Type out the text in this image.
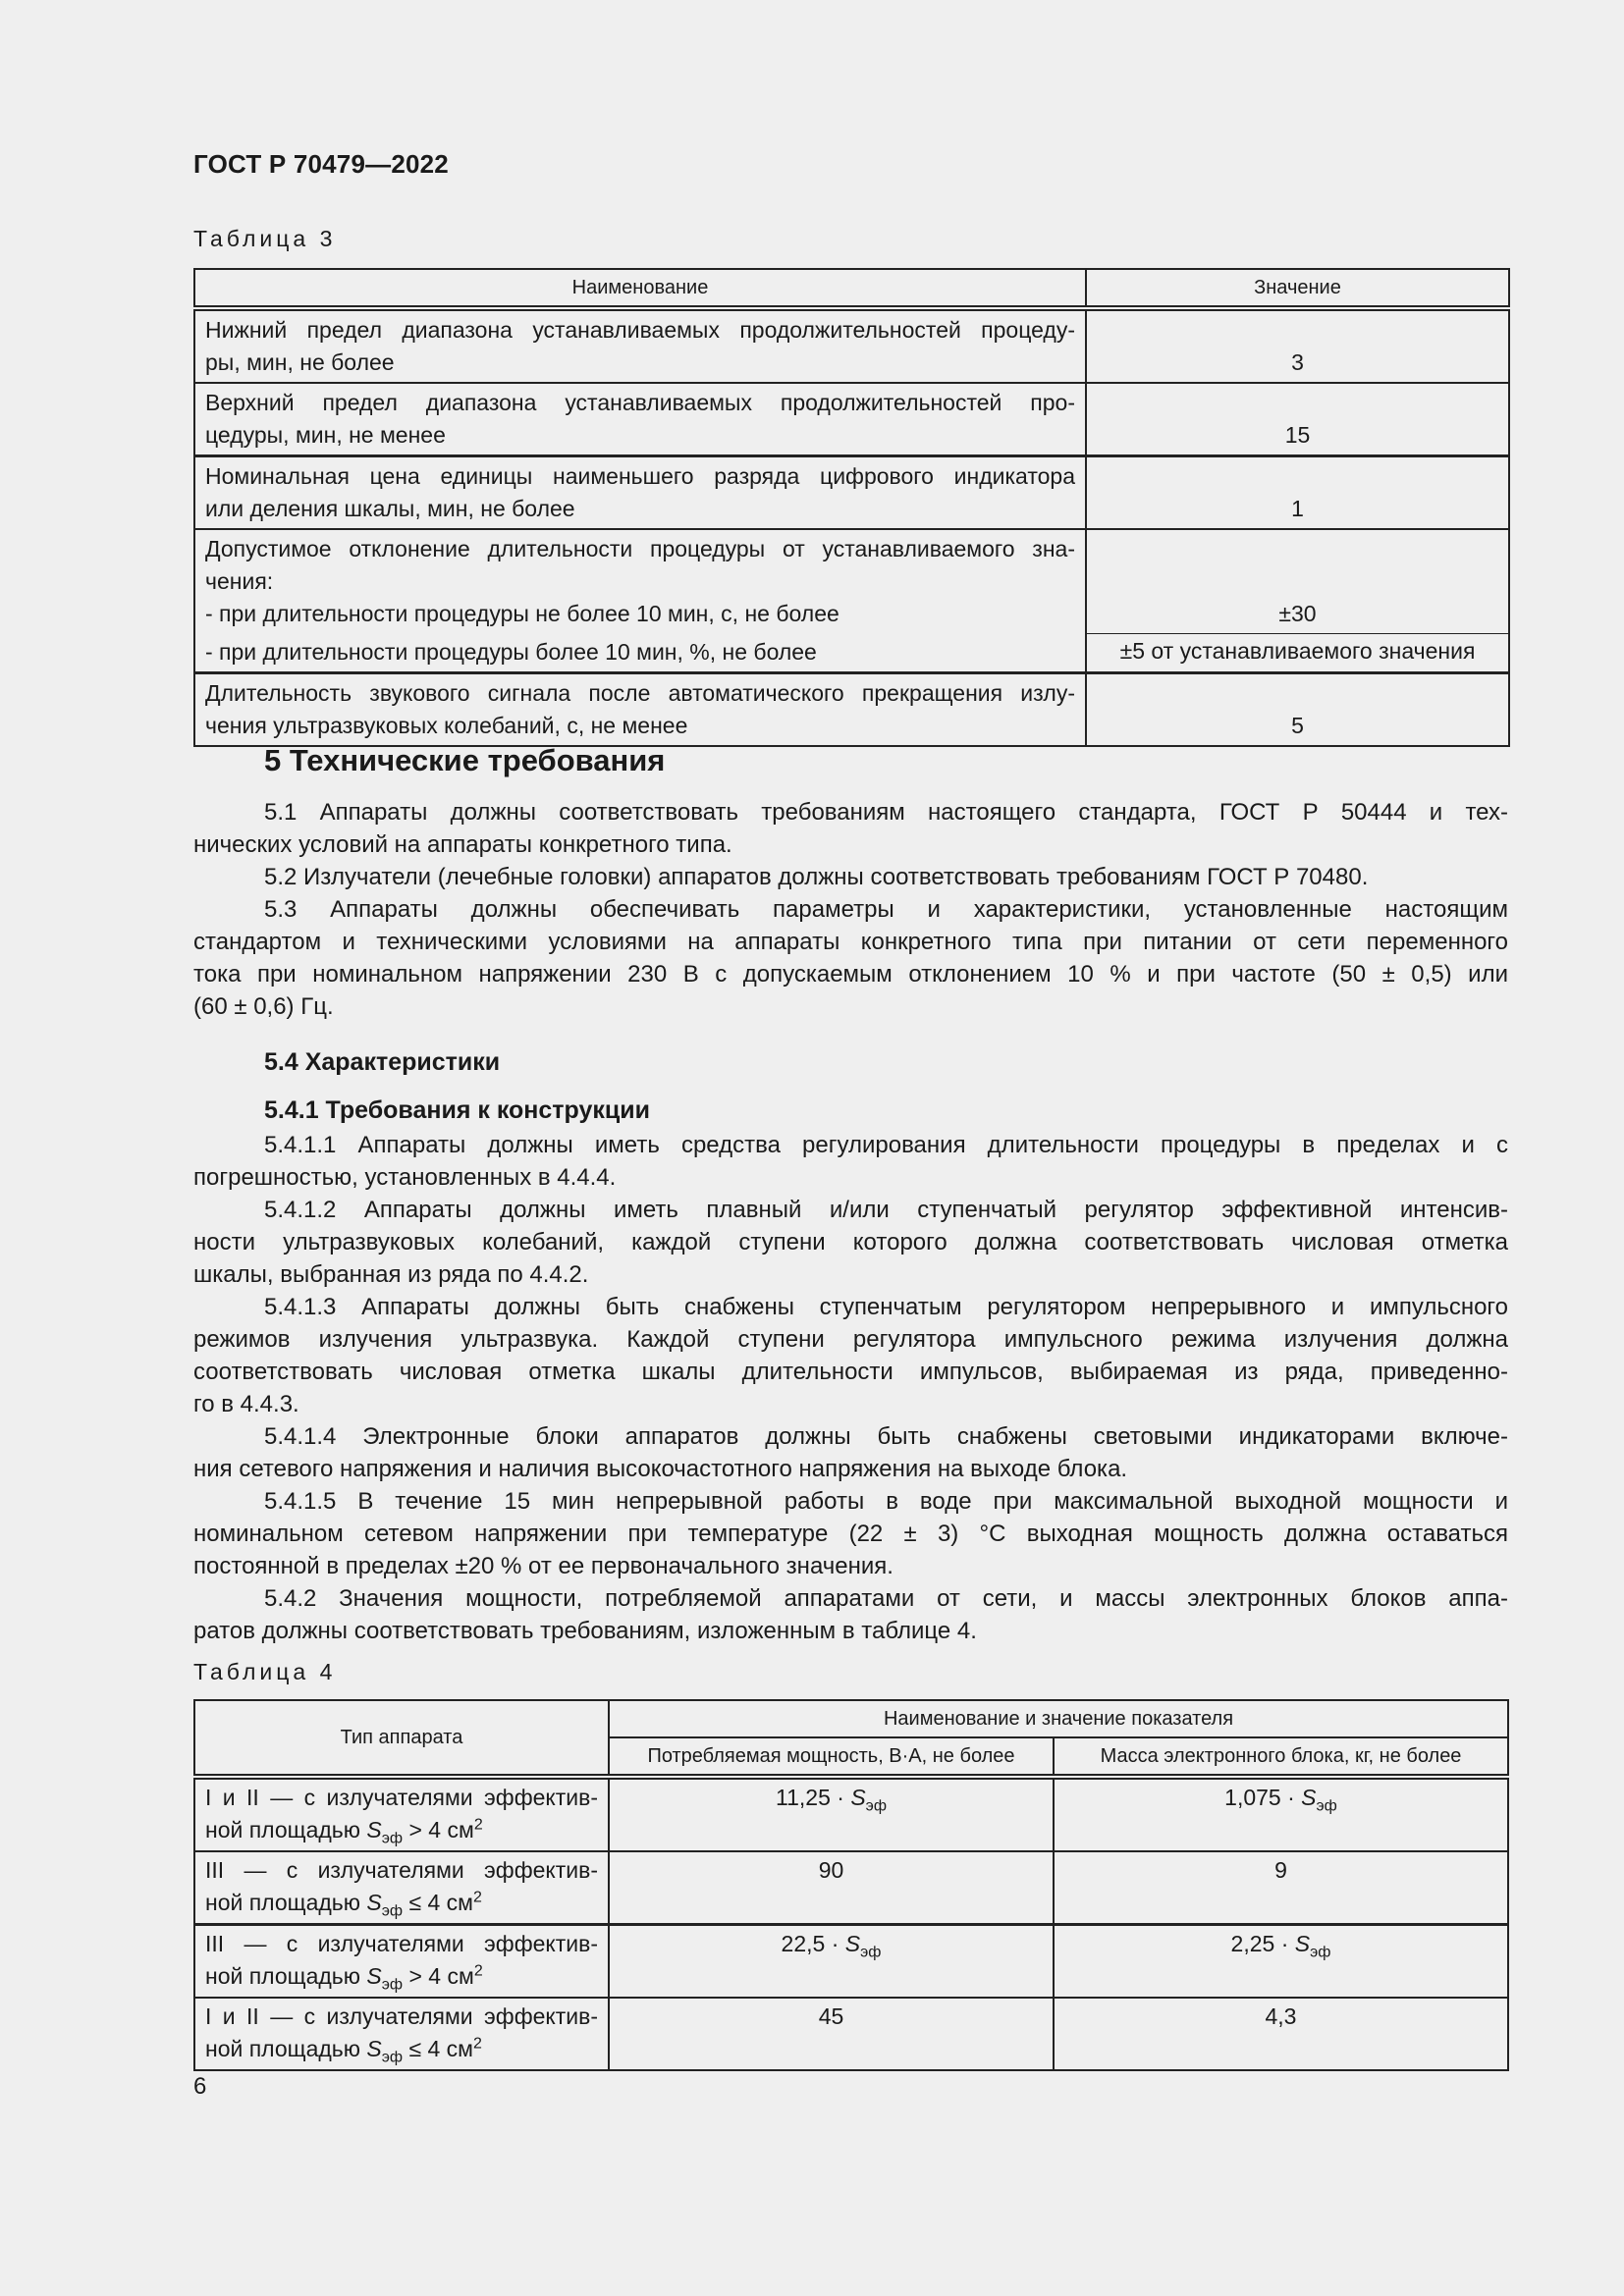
ГОСТ Р 70479—2022
Таблица 3
Наименование	Значение

Нижний предел диапазона устанавливаемых продолжительностей процеду-
ры, мин, не более	3

Верхний предел диапазона устанавливаемых продолжительностей про-
цедуры, мин, не менее	15

Номинальная цена единицы наименьшего разряда цифрового индикатора
или деления шкалы, мин, не более	1

Допустимое отклонение длительности процедуры от устанавливаемого зна-
чения:
- при длительности процедуры не более 10 мин, с, не более	±30

- при длительности процедуры более 10 мин, %, не более	±5 от устанавливаемого значения

Длительность звукового сигнала после автоматического прекращения излу-
чения ультразвуковых колебаний, с, не менее	5
5 Технические требования
5.1 Аппараты должны соответствовать требованиям настоящего стандарта, ГОСТ Р 50444 и тех-
нических условий на аппараты конкретного типа.
5.2 Излучатели (лечебные головки) аппаратов должны соответствовать требованиям ГОСТ Р 70480.
5.3 Аппараты должны обеспечивать параметры и характеристики, установленные настоящим
стандартом и техническими условиями на аппараты конкретного типа при питании от сети переменного
тока при номинальном напряжении 230 В с допускаемым отклонением 10 % и при частоте (50 ± 0,5) или
(60 ± 0,6) Гц.
5.4 Характеристики
5.4.1 Требования к конструкции
5.4.1.1 Аппараты должны иметь средства регулирования длительности процедуры в пределах и с
погрешностью, установленных в 4.4.4.
5.4.1.2 Аппараты должны иметь плавный и/или ступенчатый регулятор эффективной интенсив-
ности ультразвуковых колебаний, каждой ступени которого должна соответствовать числовая отметка
шкалы, выбранная из ряда по 4.4.2.
5.4.1.3 Аппараты должны быть снабжены ступенчатым регулятором непрерывного и импульсного
режимов излучения ультразвука. Каждой ступени регулятора импульсного режима излучения должна
соответствовать числовая отметка шкалы длительности импульсов, выбираемая из ряда, приведенно-
го в 4.4.3.
5.4.1.4 Электронные блоки аппаратов должны быть снабжены световыми индикаторами включе-
ния сетевого напряжения и наличия высокочастотного напряжения на выходе блока.
5.4.1.5 В течение 15 мин непрерывной работы в воде при максимальной выходной мощности и
номинальном сетевом напряжении при температуре (22 ± 3) °С выходная мощность должна оставаться
постоянной в пределах ±20 % от ее первоначального значения.
5.4.2 Значения мощности, потребляемой аппаратами от сети, и массы электронных блоков аппа-
ратов должны соответствовать требованиям, изложенным в таблице 4.
Таблица 4
Тип аппарата	Наименование и значение показателя	
	Потребляемая мощность, В·А, не более	Масса электронного блока, кг, не более

I и II — с излучателями эффектив-
ной площадью $S_{эф} > 4$ $см^2$	$11,25 \cdot S_{эф}$	$1,075 \cdot S_{эф}$

III — с излучателями эффектив-
ной площадью $S_{эф} \le 4$ $см^2$	90	9

III — с излучателями эффектив-
ной площадью $S_{эф} > 4$ $см^2$	$22,5 \cdot S_{эф}$	$2,25 \cdot S_{эф}$

I и II — с излучателями эффектив-
ной площадью $S_{эф} \le 4$ $см^2$	45	4,3
6
